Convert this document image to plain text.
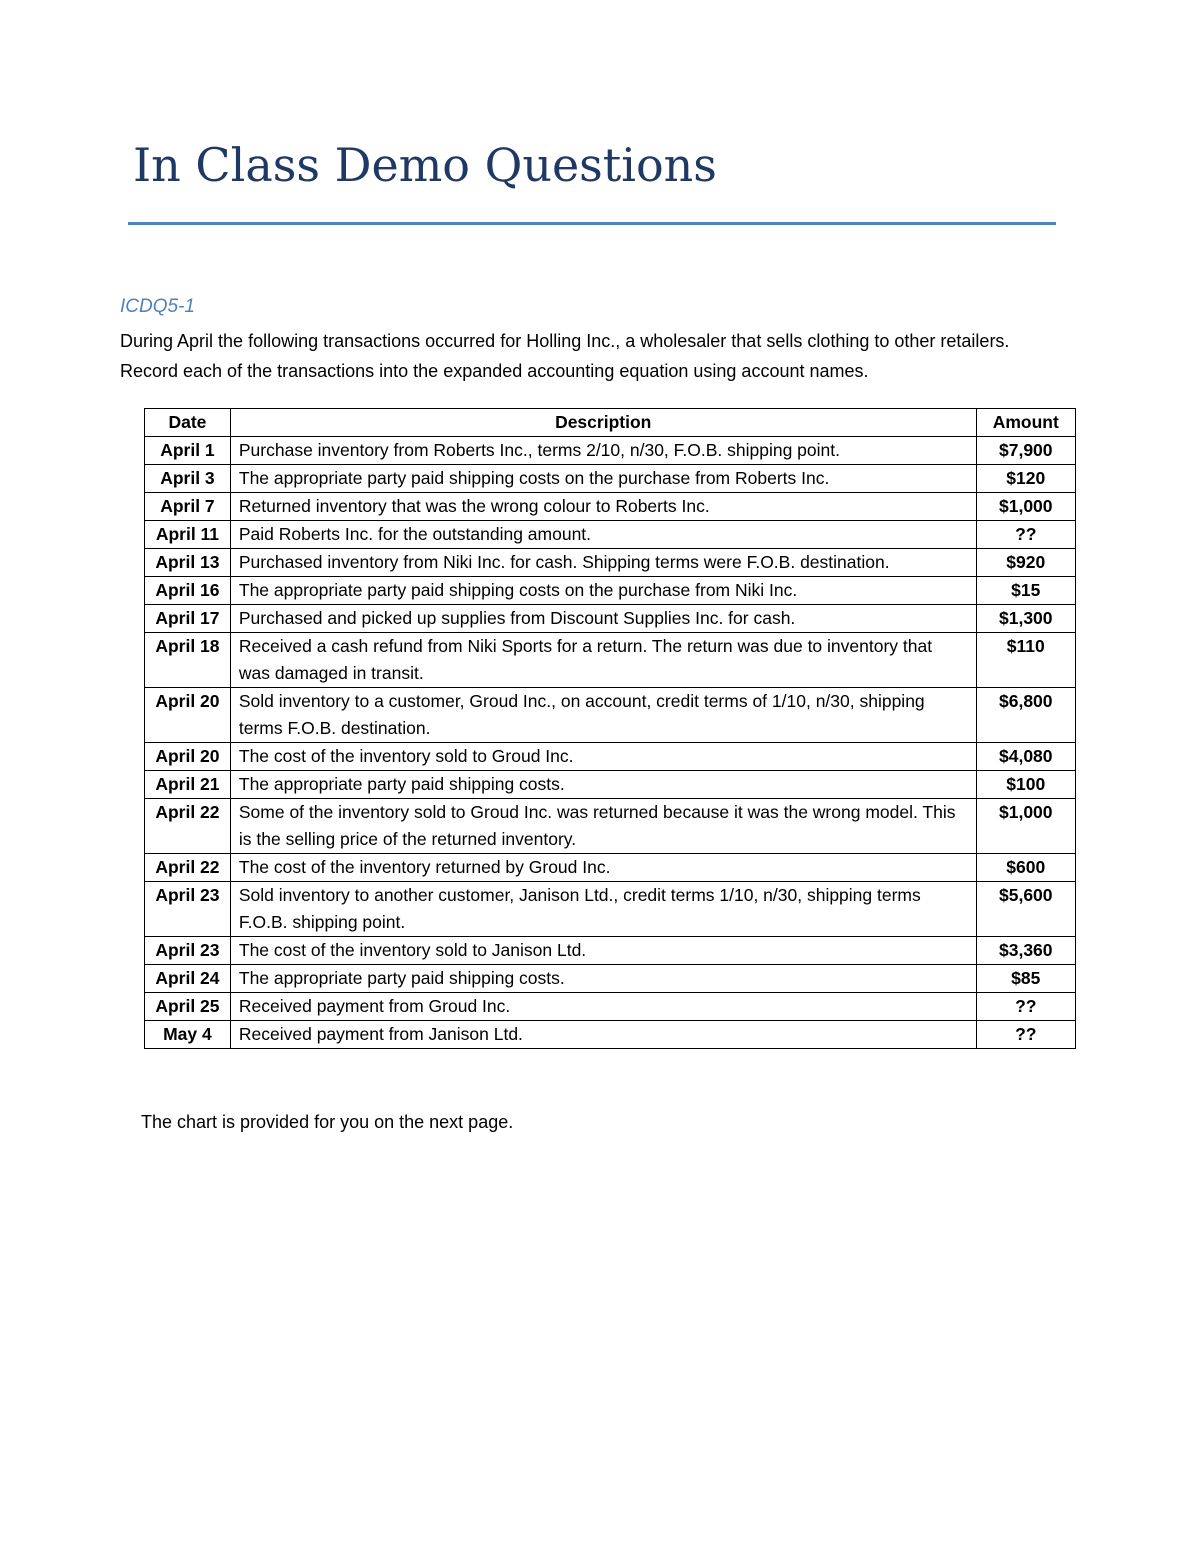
In Class Demo Questions
ICDQ5-1
During April the following transactions occurred for Holling Inc., a wholesaler that sells clothing to other retailers. Record each of the transactions into the expanded accounting equation using account names.
Date	Description	Amount
April 1	Purchase inventory from Roberts Inc., terms 2/10, n/30, F.O.B. shipping point.	$7,900
April 3	The appropriate party paid shipping costs on the purchase from Roberts Inc.	$120
April 7	Returned inventory that was the wrong colour to Roberts Inc.	$1,000
April 11	Paid Roberts Inc. for the outstanding amount.	??
April 13	Purchased inventory from Niki Inc. for cash. Shipping terms were F.O.B. destination.	$920
April 16	The appropriate party paid shipping costs on the purchase from Niki Inc.	$15
April 17	Purchased and picked up supplies from Discount Supplies Inc. for cash.	$1,300
April 18	Received a cash refund from Niki Sports for a return. The return was due to inventory that was damaged in transit.	$110
April 20	Sold inventory to a customer, Groud Inc., on account, credit terms of 1/10, n/30, shipping terms F.O.B. destination.	$6,800
April 20	The cost of the inventory sold to Groud Inc.	$4,080
April 21	The appropriate party paid shipping costs.	$100
April 22	Some of the inventory sold to Groud Inc. was returned because it was the wrong model. This is the selling price of the returned inventory.	$1,000
April 22	The cost of the inventory returned by Groud Inc.	$600
April 23	Sold inventory to another customer, Janison Ltd., credit terms 1/10, n/30, shipping terms F.O.B. shipping point.	$5,600
April 23	The cost of the inventory sold to Janison Ltd.	$3,360
April 24	The appropriate party paid shipping costs.	$85
April 25	Received payment from Groud Inc.	??
May 4	Received payment from Janison Ltd.	??
The chart is provided for you on the next page.
